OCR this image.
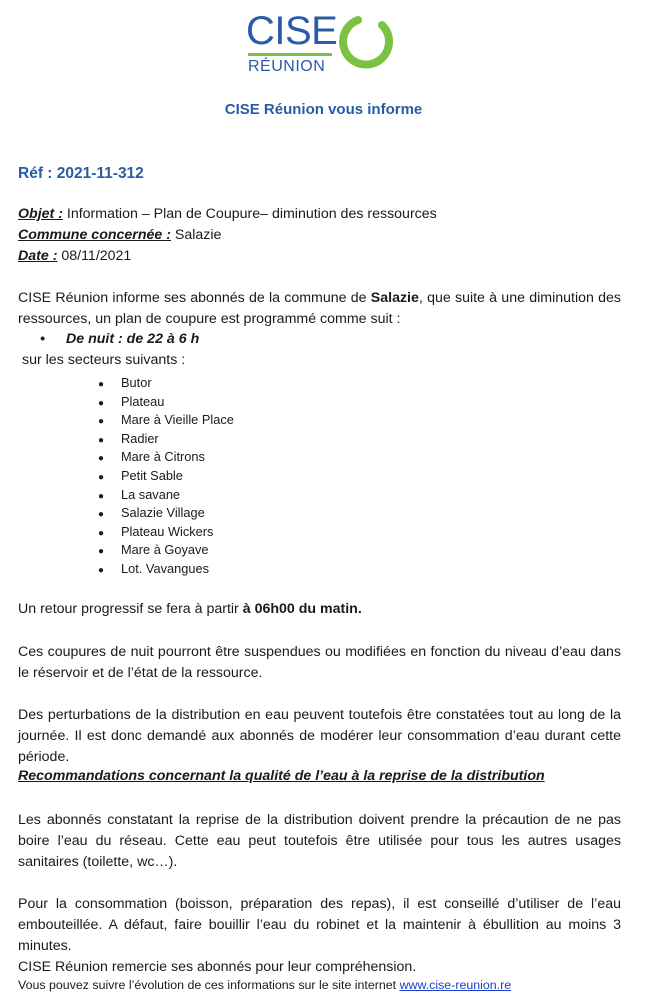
CISE
RÉUNION
CISE Réunion vous informe
Réf : 2021-11-312
Objet : Information – Plan de Coupure– diminution des ressources
Commune concernée : Salazie
Date : 08/11/2021
CISE Réunion informe ses abonnés de la commune de Salazie, que suite à une diminution des ressources, un plan de coupure est programmé comme suit :
• De nuit : de 22 à 6 h
sur les secteurs suivants :
● Butor
● Plateau
● Mare à Vieille Place
● Radier
● Mare à Citrons
● Petit Sable
● La savane
● Salazie Village
● Plateau Wickers
● Mare à Goyave
● Lot. Vavangues
Un retour progressif se fera à partir à 06h00 du matin.
Ces coupures de nuit pourront être suspendues ou modifiées en fonction du niveau d’eau dans le réservoir et de l’état de la ressource.
Des perturbations de la distribution en eau peuvent toutefois être constatées tout au long de la journée. Il est donc demandé aux abonnés de modérer leur consommation d’eau durant cette période.
Recommandations concernant la qualité de l’eau à la reprise de la distribution
Les abonnés constatant la reprise de la distribution doivent prendre la précaution de ne pas boire l’eau du réseau. Cette eau peut toutefois être utilisée pour tous les autres usages sanitaires (toilette, wc…).
Pour la consommation (boisson, préparation des repas), il est conseillé d’utiliser de l’eau embouteillée. A défaut, faire bouillir l’eau du robinet et la maintenir à ébullition au moins 3 minutes.
CISE Réunion remercie ses abonnés pour leur compréhension.
Vous pouvez suivre l’évolution de ces informations sur le site internet www.cise-reunion.re
